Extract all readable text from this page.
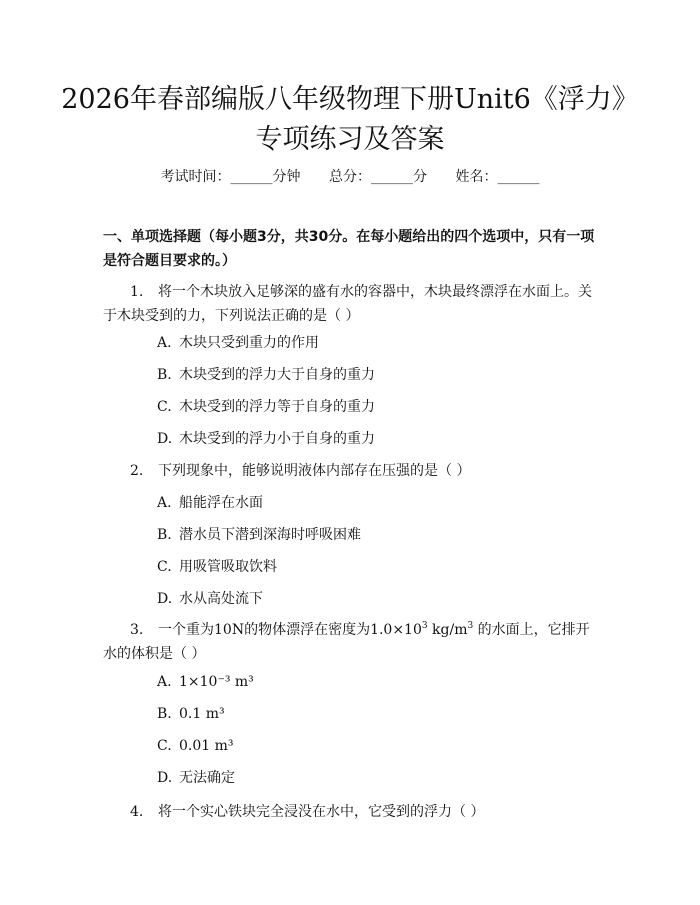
2026年春部编版八年级物理下册Unit6《浮力》专项练习及答案
考试时间：______分钟 总分：______分 姓名：______
一、单项选择题（每小题3分，共30分。在每小题给出的四个选项中，只有一项是符合题目要求的。）
1. 将一个木块放入足够深的盛有水的容器中，木块最终漂浮在水面上。关于木块受到的力，下列说法正确的是（ ）
A. 木块只受到重力的作用
B. 木块受到的浮力大于自身的重力
C. 木块受到的浮力等于自身的重力
D. 木块受到的浮力小于自身的重力
2. 下列现象中，能够说明液体内部存在压强的是（ ）
A. 船能浮在水面
B. 潜水员下潜到深海时呼吸困难
C. 用吸管吸取饮料
D. 水从高处流下
3. 一个重为10N的物体漂浮在密度为$1.0\times 10^3$ $kg/m^3$ 的水面上，它排开水的体积是（ ）
A. 1×10⁻³ m³
B. 0.1 m³
C. 0.01 m³
D. 无法确定
4. 将一个实心铁块完全浸没在水中，它受到的浮力（ ）
